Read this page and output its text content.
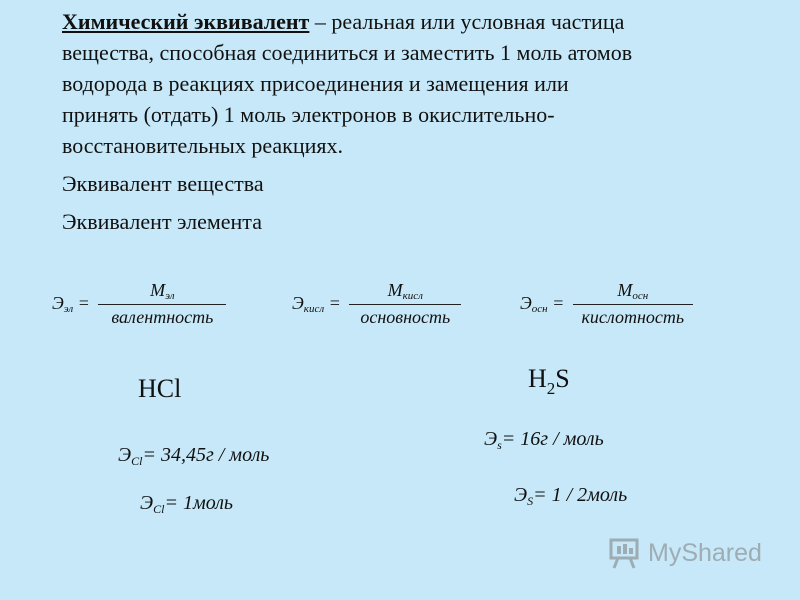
Химический эквивалент – реальная или условная частица
вещества, способная соединиться и заместить 1 моль атомов
водорода в реакциях присоединения и замещения или
принять (отдать) 1 моль электронов в окислительно-
восстановительных реакциях.
Эквивалент вещества
Эквивалент элемента
$Э_{эл} = \frac{M_{эл}}{\text{валентность}}$	$Э_{кисл} = \frac{M_{кисл}}{\text{основность}}$	$Э_{осн} = \frac{M_{осн}}{\text{кислотность}}$
HCl
$Э_{Cl}= 34,45г$ / моль
$Э_{Cl}=$ 1моль
$H_2S$
$Э_s= 16г$ / моль
$Э_S= 1$ / 2моль
MyShared
